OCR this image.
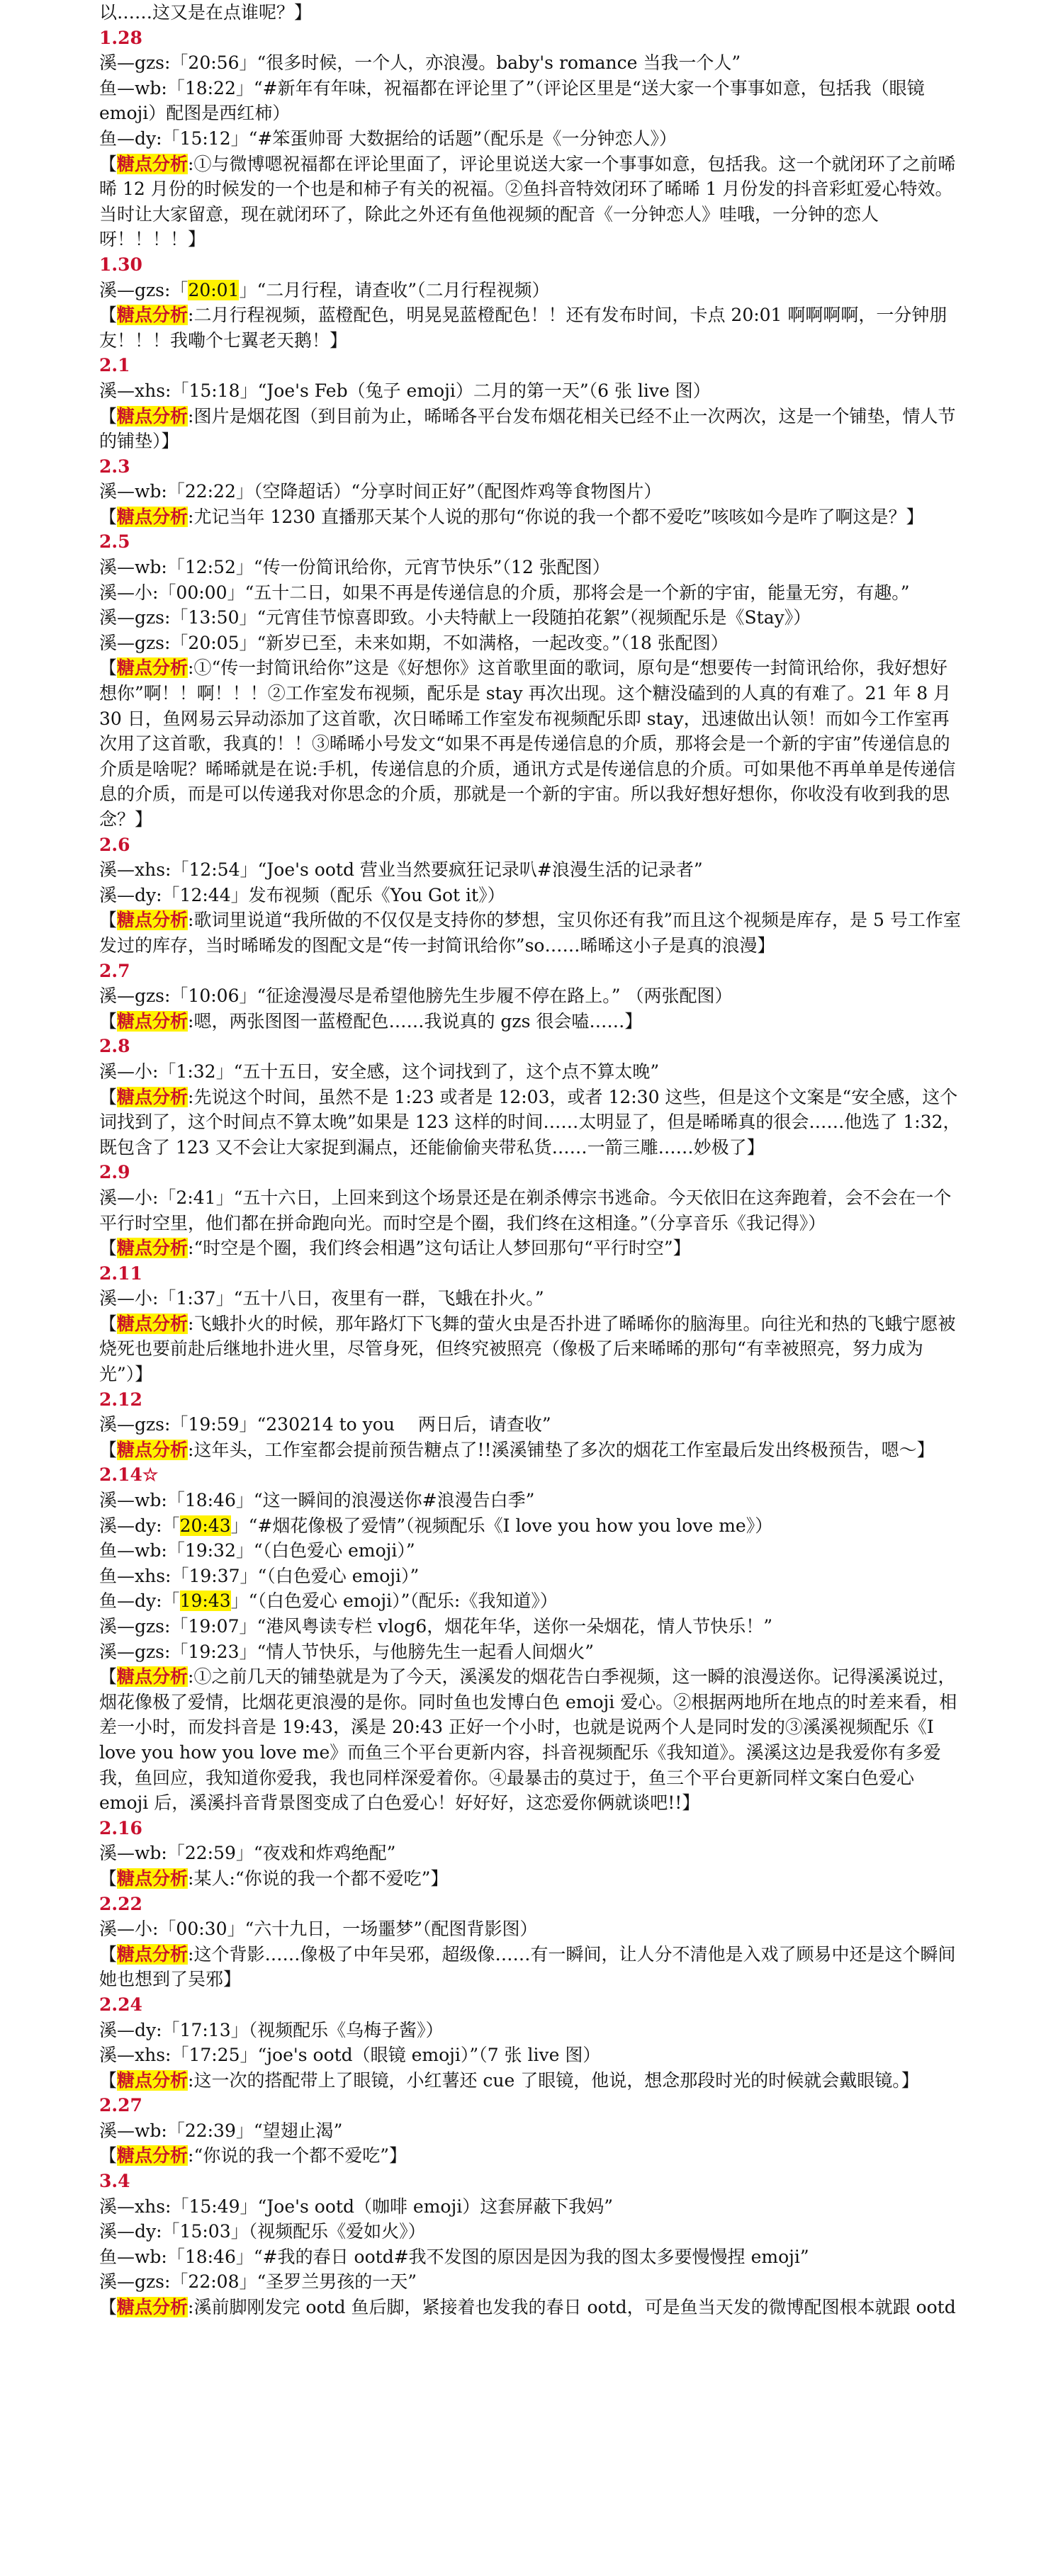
以……这又是在点谁呢？】

1.28

溪—gzs:「20:56」“很多时候，一个人，亦浪漫。baby's romance 当我一个人”

鱼—wb:「18:22」“#新年有年味，祝福都在评论里了”（评论区里是“送大家一个事事如意，包括我（眼镜 emoji）配图是西红柿）

鱼—dy:「15:12」“#笨蛋帅哥 大数据给的话题”（配乐是《一分钟恋人》）

【糖点分析:①与微博嗯祝福都在评论里面了，评论里说送大家一个事事如意，包括我。这一个就闭环了之前晞晞 12 月份的时候发的一个也是和柿子有关的祝福。②鱼抖音特效闭环了晞晞 1 月份发的抖音彩虹爱心特效。当时让大家留意，现在就闭环了，除此之外还有鱼他视频的配音《一分钟恋人》哇哦，一分钟的恋人呀！！！！】

1.30

溪—gzs:「20:01」“二月行程，请查收”（二月行程视频）

【糖点分析:二月行程视频，蓝橙配色，明晃晃蓝橙配色！！还有发布时间，卡点 20:01 啊啊啊啊，一分钟朋友！！！我嘞个七翼老天鹅！】

2.1

溪—xhs:「15:18」“Joe's Feb（兔子 emoji）二月的第一天”（6 张 live 图）

【糖点分析:图片是烟花图（到目前为止，晞晞各平台发布烟花相关已经不止一次两次，这是一个铺垫，情人节的铺垫）】

2.3

溪—wb:「22:22」（空降超话）“分享时间正好”（配图炸鸡等食物图片）

【糖点分析:尤记当年 1230 直播那天某个人说的那句“你说的我一个都不爱吃”咳咳如今是咋了啊这是？】

2.5

溪—wb:「12:52」“传一份简讯给你，元宵节快乐”（12 张配图）

溪—小:「00:00」“五十二日，如果不再是传递信息的介质，那将会是一个新的宇宙，能量无穷，有趣。”

溪—gzs:「13:50」“元宵佳节惊喜即致。小夫特献上一段随拍花絮”（视频配乐是《Stay》）

溪—gzs:「20:05」“新岁已至，未来如期，不如满格，一起改变。”（18 张配图）

【糖点分析:①“传一封简讯给你”这是《好想你》这首歌里面的歌词，原句是“想要传一封简讯给你，我好想好想你”啊！！啊！！！②工作室发布视频，配乐是 stay 再次出现。这个糖没磕到的人真的有难了。21 年 8 月 30 日，鱼网易云异动添加了这首歌，次日晞晞工作室发布视频配乐即 stay，迅速做出认领！而如今工作室再次用了这首歌，我真的！！③晞晞小号发文“如果不再是传递信息的介质，那将会是一个新的宇宙”传递信息的介质是啥呢？晞晞就是在说:手机，传递信息的介质，通讯方式是传递信息的介质。可如果他不再单单是传递信息的介质，而是可以传递我对你思念的介质，那就是一个新的宇宙。所以我好想好想你，你收没有收到我的思念？】

2.6

溪—xhs:「12:54」“Joe's ootd 营业当然要疯狂记录叭#浪漫生活的记录者”

溪—dy:「12:44」发布视频（配乐《You Got it》）

【糖点分析:歌词里说道“我所做的不仅仅是支持你的梦想，宝贝你还有我”而且这个视频是库存，是 5 号工作室发过的库存，当时晞晞发的图配文是“传一封简讯给你”so……晞晞这小子是真的浪漫】

2.7

溪—gzs:「10:06」“征途漫漫尽是希望他膀先生步履不停在路上。” （两张配图）

【糖点分析:嗯，两张图图一蓝橙配色……我说真的 gzs 很会嗑……】

2.8

溪—小:「1:32」“五十五日，安全感，这个词找到了，这个点不算太晚”

【糖点分析:先说这个时间，虽然不是 1:23 或者是 12:03，或者 12:30 这些，但是这个文案是“安全感，这个词找到了，这个时间点不算太晚”如果是 123 这样的时间……太明显了，但是晞晞真的很会……他选了 1:32，既包含了 123 又不会让大家捉到漏点，还能偷偷夹带私货……一箭三雕……妙极了】

2.9

溪—小:「2:41」“五十六日，上回来到这个场景还是在剃杀傅宗书逃命。今天依旧在这奔跑着，会不会在一个平行时空里，他们都在拼命跑向光。而时空是个圈，我们终在这相逢。”（分享音乐《我记得》）

【糖点分析:“时空是个圈，我们终会相遇”这句话让人梦回那句“平行时空”】

2.11

溪—小:「1:37」“五十八日，夜里有一群，飞蛾在扑火。”

【糖点分析:飞蛾扑火的时候，那年路灯下飞舞的萤火虫是否扑进了晞晞你的脑海里。向往光和热的飞蛾宁愿被烧死也要前赴后继地扑进火里，尽管身死，但终究被照亮（像极了后来晞晞的那句“有幸被照亮，努力成为光”）】

2.12

溪—gzs:「19:59」“230214 to you 　两日后，请查收”

【糖点分析:这年头，工作室都会提前预告糖点了!!溪溪铺垫了多次的烟花工作室最后发出终极预告，嗯～】

2.14☆

溪—wb:「18:46」“这一瞬间的浪漫送你#浪漫告白季”

溪—dy:「20:43」“#烟花像极了爱情”（视频配乐《I love you how you love me》）

鱼—wb:「19:32」“（白色爱心 emoji）”

鱼—xhs:「19:37」“（白色爱心 emoji）”

鱼—dy:「19:43」“（白色爱心 emoji）”（配乐:《我知道》）

溪—gzs:「19:07」“港风粤读专栏 vlog6，烟花年华，送你一朵烟花，情人节快乐！”

溪—gzs:「19:23」“情人节快乐，与他膀先生一起看人间烟火”

【糖点分析:①之前几天的铺垫就是为了今天，溪溪发的烟花告白季视频，这一瞬的浪漫送你。记得溪溪说过，烟花像极了爱情，比烟花更浪漫的是你。同时鱼也发博白色 emoji 爱心。②根据两地所在地点的时差来看，相差一小时，而发抖音是 19:43，溪是 20:43 正好一个小时，也就是说两个人是同时发的③溪溪视频配乐《I love you how you love me》而鱼三个平台更新内容，抖音视频配乐《我知道》。溪溪这边是我爱你有多爱我，鱼回应，我知道你爱我，我也同样深爱着你。④最暴击的莫过于，鱼三个平台更新同样文案白色爱心 emoji 后，溪溪抖音背景图变成了白色爱心！好好好，这恋爱你俩就谈吧!!】

2.16

溪—wb:「22:59」“夜戏和炸鸡绝配”

【糖点分析:某人:“你说的我一个都不爱吃”】

2.22

溪—小:「00:30」“六十九日，一场噩梦”（配图背影图）

【糖点分析:这个背影……像极了中年吴邪，超级像……有一瞬间，让人分不清他是入戏了顾易中还是这个瞬间她也想到了吴邪】

2.24

溪—dy:「17:13」（视频配乐《乌梅子酱》）

溪—xhs:「17:25」“joe's ootd（眼镜 emoji）”（7 张 live 图）

【糖点分析:这一次的搭配带上了眼镜，小红薯还 cue 了眼镜，他说，想念那段时光的时候就会戴眼镜。】

2.27

溪—wb:「22:39」“望翅止渴”

【糖点分析:“你说的我一个都不爱吃”】

3.4

溪—xhs:「15:49」“Joe's ootd（咖啡 emoji）这套屏蔽下我妈”

溪—dy:「15:03」（视频配乐《爱如火》）

鱼—wb:「18:46」“#我的春日 ootd#我不发图的原因是因为我的图太多要慢慢捏 emoji”

溪—gzs:「22:08」“圣罗兰男孩的一天”

【糖点分析:溪前脚刚发完 ootd 鱼后脚，紧接着也发我的春日 ootd，可是鱼当天发的微博配图根本就跟 ootd
